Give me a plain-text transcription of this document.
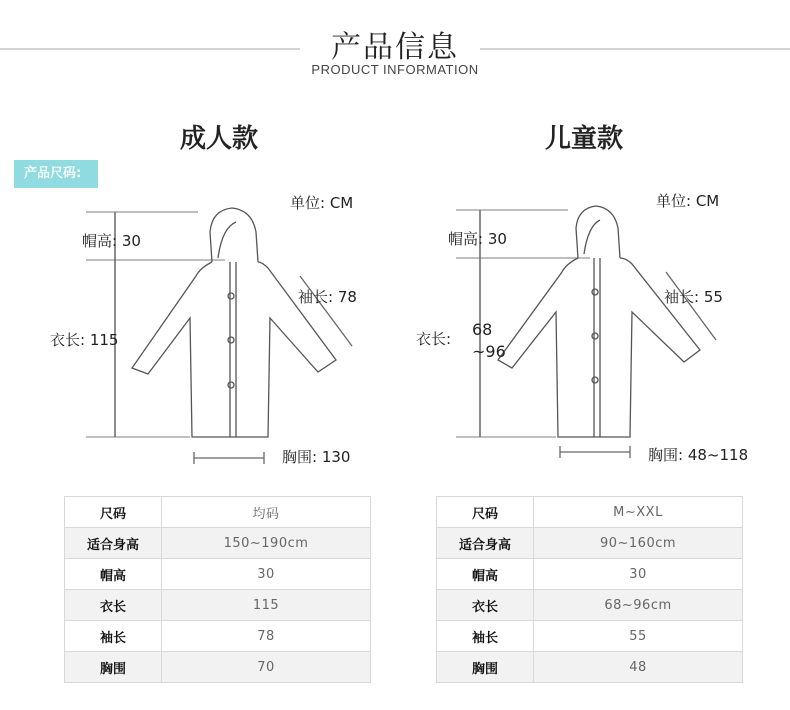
产品信息
PRODUCT INFORMATION
成人款	儿童款
产品尺码:
单位: CM
帽高: 30
衣长: 115
袖长: 78
胸围: 130
单位: CM
帽高: 30
衣长: 68
~96
袖长: 55
胸围: 48~118
尺码	均码
适合身高	150~190cm
帽高	30
衣长	115
袖长	78
胸围	70
尺码	M~XXL
适合身高	90~160cm
帽高	30
衣长	68~96cm
袖长	55
胸围	48
